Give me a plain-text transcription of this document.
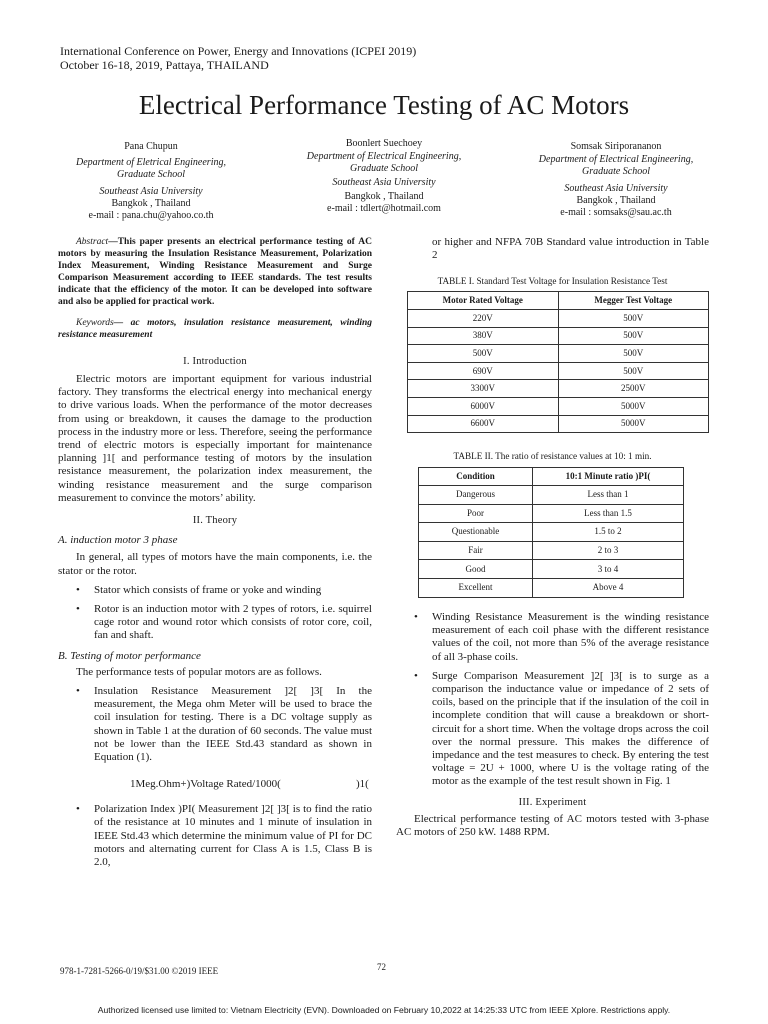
International Conference on Power, Energy and Innovations (ICPEI 2019)
October 16-18, 2019, Pattaya, THAILAND
Electrical Performance Testing of AC Motors
Pana Chupun
Department of Eletrical Engineering,
Graduate School
Southeast Asia University
Bangkok , Thailand
e-mail : pana.chu@yahoo.co.th
Boonlert Suechoey
Department of Electrical Engineering,
Graduate School
Southeast Asia University
Bangkok , Thailand
e-mail : tdlert@hotmail.com
Somsak Siriporananon
Department of Electrical Engineering,
Graduate School
Southeast Asia University
Bangkok , Thailand
e-mail : somsaks@sau.ac.th
Abstract—This paper presents an electrical performance testing of AC motors by measuring the Insulation Resistance Measurement, Polarization Index Measurement, Winding Resistance Measurement and Surge Comparison Measurement according to IEEE standards. The test results indicate that the efficiency of the motor. It can be developed into software and also be applied for practical work.
Keywords— ac motors, insulation resistance measurement, winding resistance measurement
I. Introduction
Electric motors are important equipment for various industrial factory. They transforms the electrical energy into mechanical energy to drive various loads. When the performance of the motor decreases from using or breakdown, it causes the damage to the production process in the industry more or less. Therefore, seeing the performance trend of electric motors is especially important for maintenance planning ]1[ and performance testing of motors by the insulation resistance measurement, the polarization index measurement, the winding resistance measurement and the surge comparison measurement to convince the motors’ ability.
II. Theory
A. induction motor 3 phase
In general, all types of motors have the main components, i.e. the stator or the rotor.
• Stator which consists of frame or yoke and winding
• Rotor is an induction motor with 2 types of rotors, i.e. squirrel cage rotor and wound rotor which consists of rotor core, coil, fan and shaft.
B. Testing of motor performance
The performance tests of popular motors are as follows.
• Insulation Resistance Measurement ]2[ ]3[ In the measurement, the Mega ohm Meter will be used to brace the coil insulation for testing. There is a DC voltage supply as shown in Table 1 at the duration of 60 seconds. The value must not be lower than the IEEE Std.43 standard as shown in Equation (1).
1Meg.Ohm+)Voltage Rated/1000(	)1(
• Polarization Index )PI( Measurement ]2[ ]3[ is to find the ratio of the resistance at 10 minutes and 1 minute of insulation in IEEE Std.43 which determine the minimum value of PI for DC motors and alternating current for Class A is 1.5, Class B is 2.0,
or higher and NFPA 70B Standard value introduction in Table 2
TABLE I. Standard Test Voltage for Insulation Resistance Test
Motor Rated Voltage	Megger Test Voltage
220V	500V
380V	500V
500V	500V
690V	500V
3300V	2500V
6000V	5000V
6600V	5000V
TABLE II. The ratio of resistance values at 10: 1 min.
Condition	10:1 Minute ratio )PI(
Dangerous	Less than 1
Poor	Less than 1.5
Questionable	1.5 to 2
Fair	2 to 3
Good	3 to 4
Excellent	Above 4
• Winding Resistance Measurement is the winding resistance measurement of each coil phase with the different resistance values of the coil, not more than 5% of the average resistance of all 3-phase coils.
• Surge Comparison Measurement ]2[ ]3[ is to surge as a comparison the inductance value or impedance of 2 sets of coils, based on the principle that if the insulation of the coil in incomplete condition that will cause a breakdown or short-circuit for a short time. When the voltage drops across the coil over the normal pressure. This makes the difference of impedance and the test measures to check. By entering the test voltage = 2U + 1000, where U is the voltage rating of the motor as the example of the test result shown in Fig. 1
III. Experiment
Electrical performance testing of AC motors tested with 3-phase AC motors of 250 kW. 1488 RPM.
978-1-7281-5266-0/19/$31.00 ©2019 IEEE	72
Authorized licensed use limited to: Vietnam Electricity (EVN). Downloaded on February 10,2022 at 14:25:33 UTC from IEEE Xplore. Restrictions apply.
